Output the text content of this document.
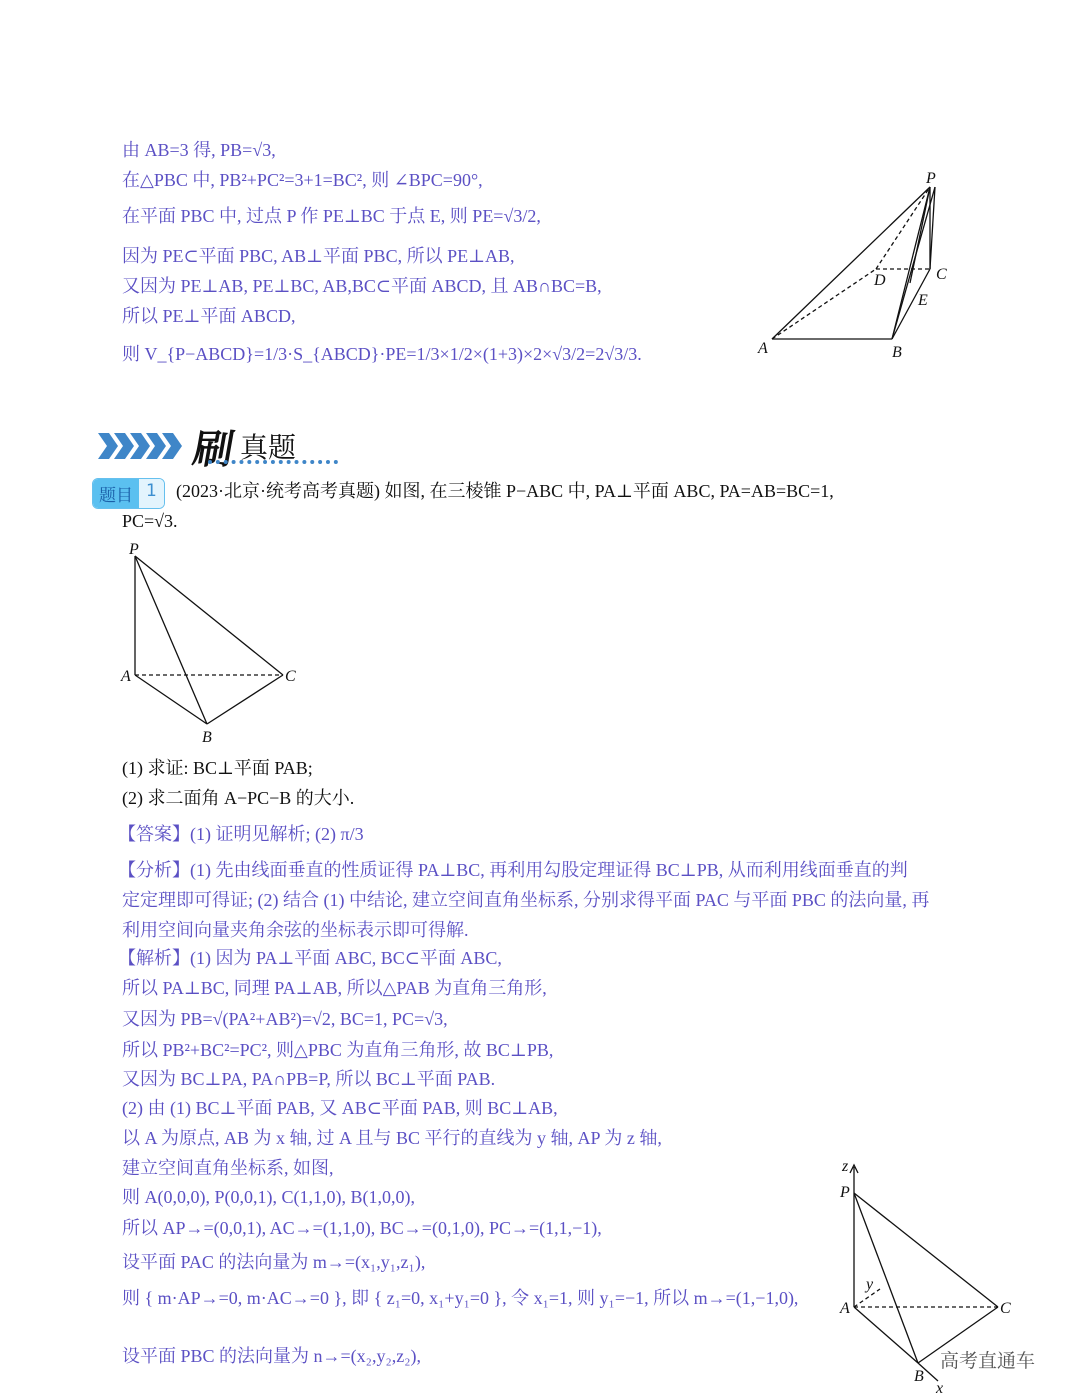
由 AB=3 得, PB=√3,
在△PBC 中, PB²+PC²=3+1=BC², 则 ∠BPC=90°,
在平面 PBC 中, 过点 P 作 PE⊥BC 于点 E, 则 PE=√3/2,
因为 PE⊂平面 PBC, AB⊥平面 PBC, 所以 PE⊥AB,
又因为 PE⊥AB, PE⊥BC, AB,BC⊂平面 ABCD, 且 AB∩BC=B,
所以 PE⊥平面 ABCD,
则 V_{P−ABCD}=1/3·S_{ABCD}·PE=1/3×1/2×(1+3)×2×√3/2=2√3/3.
P
A	B
C
D
E
刷 真题
题目 1	(2023·北京·统考高考真题) 如图, 在三棱锥 P−ABC 中, PA⊥平面 ABC, PA=AB=BC=1,
PC=√3.
P
A	C
B
(1) 求证: BC⊥平面 PAB;
(2) 求二面角 A−PC−B 的大小.
【答案】(1) 证明见解析; (2) π/3
【分析】(1) 先由线面垂直的性质证得 PA⊥BC, 再利用勾股定理证得 BC⊥PB, 从而利用线面垂直的判
定定理即可得证; (2) 结合 (1) 中结论, 建立空间直角坐标系, 分别求得平面 PAC 与平面 PBC 的法向量, 再
利用空间向量夹角余弦的坐标表示即可得解.
【解析】(1) 因为 PA⊥平面 ABC, BC⊂平面 ABC,
所以 PA⊥BC, 同理 PA⊥AB, 所以△PAB 为直角三角形,
又因为 PB=√(PA²+AB²)=√2, BC=1, PC=√3,
所以 PB²+BC²=PC², 则△PBC 为直角三角形, 故 BC⊥PB,
又因为 BC⊥PA, PA∩PB=P, 所以 BC⊥平面 PAB.
(2) 由 (1) BC⊥平面 PAB, 又 AB⊂平面 PAB, 则 BC⊥AB,
以 A 为原点, AB 为 x 轴, 过 A 且与 BC 平行的直线为 y 轴, AP 为 z 轴,
建立空间直角坐标系, 如图,
则 A(0,0,0), P(0,0,1), C(1,1,0), B(1,0,0),
所以 AP→=(0,0,1), AC→=(1,1,0), BC→=(0,1,0), PC→=(1,1,−1),
设平面 PAC 的法向量为 m→=(x₁,y₁,z₁),
则 { m·AP→=0, m·AC→=0 }, 即 { z₁=0, x₁+y₁=0 }, 令 x₁=1, 则 y₁=−1, 所以 m→=(1,−1,0),
设平面 PBC 的法向量为 n→=(x₂,y₂,z₂),
z
P
y
A	C
B
x
高考直通车
